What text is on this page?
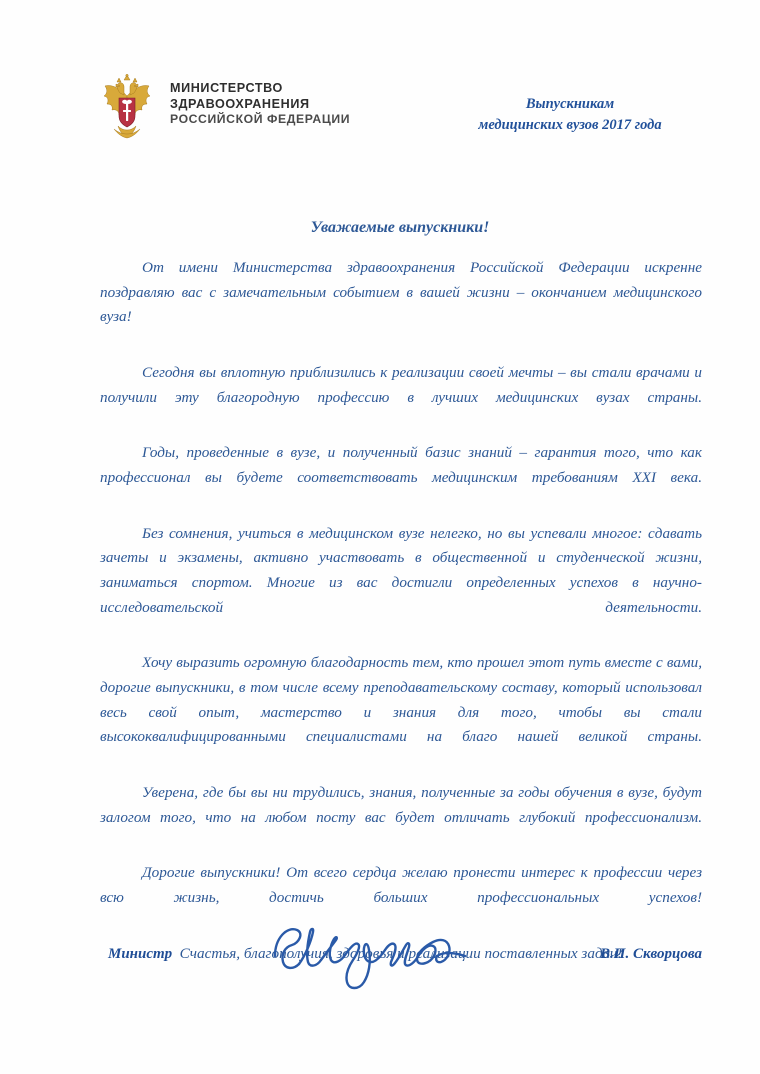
МИНИСТЕРСТВО
ЗДРАВООХРАНЕНИЯ
РОССИЙСКОЙ ФЕДЕРАЦИИ
Выпускникам
медицинских вузов 2017 года
Уважаемые выпускники!

От имени Министерства здравоохранения Российской Федерации искренне поздравляю вас с замечательным событием в вашей жизни – окончанием медицинского вуза!

Сегодня вы вплотную приблизились к реализации своей мечты – вы стали врачами и получили эту благородную профессию в лучших медицинских вузах страны.

Годы, проведенные в вузе, и полученный базис знаний – гарантия того, что как профессионал вы будете соответствовать медицинским требованиям XXI века.

Без сомнения, учиться в медицинском вузе нелегко, но вы успевали многое: сдавать зачеты и экзамены, активно участвовать в общественной и студенческой жизни, заниматься спортом. Многие из вас достигли определенных успехов в научно-исследовательской деятельности.

Хочу выразить огромную благодарность тем, кто прошел этот путь вместе с вами, дорогие выпускники, в том числе всему преподавательскому составу, который использовал весь свой опыт, мастерство и знания для того, чтобы вы стали высококвалифицированными специалистами на благо нашей великой страны.

Уверена, где бы вы ни трудились, знания, полученные за годы обучения в вузе, будут залогом того, что на любом посту вас будет отличать глубокий профессионализм.

Дорогие выпускники! От всего сердца желаю пронести интерес к профессии через всю жизнь, достичь больших профессиональных успехов!

Счастья, благополучия, здоровья и реализации поставленных задач!

Министр	В.И. Скворцова
